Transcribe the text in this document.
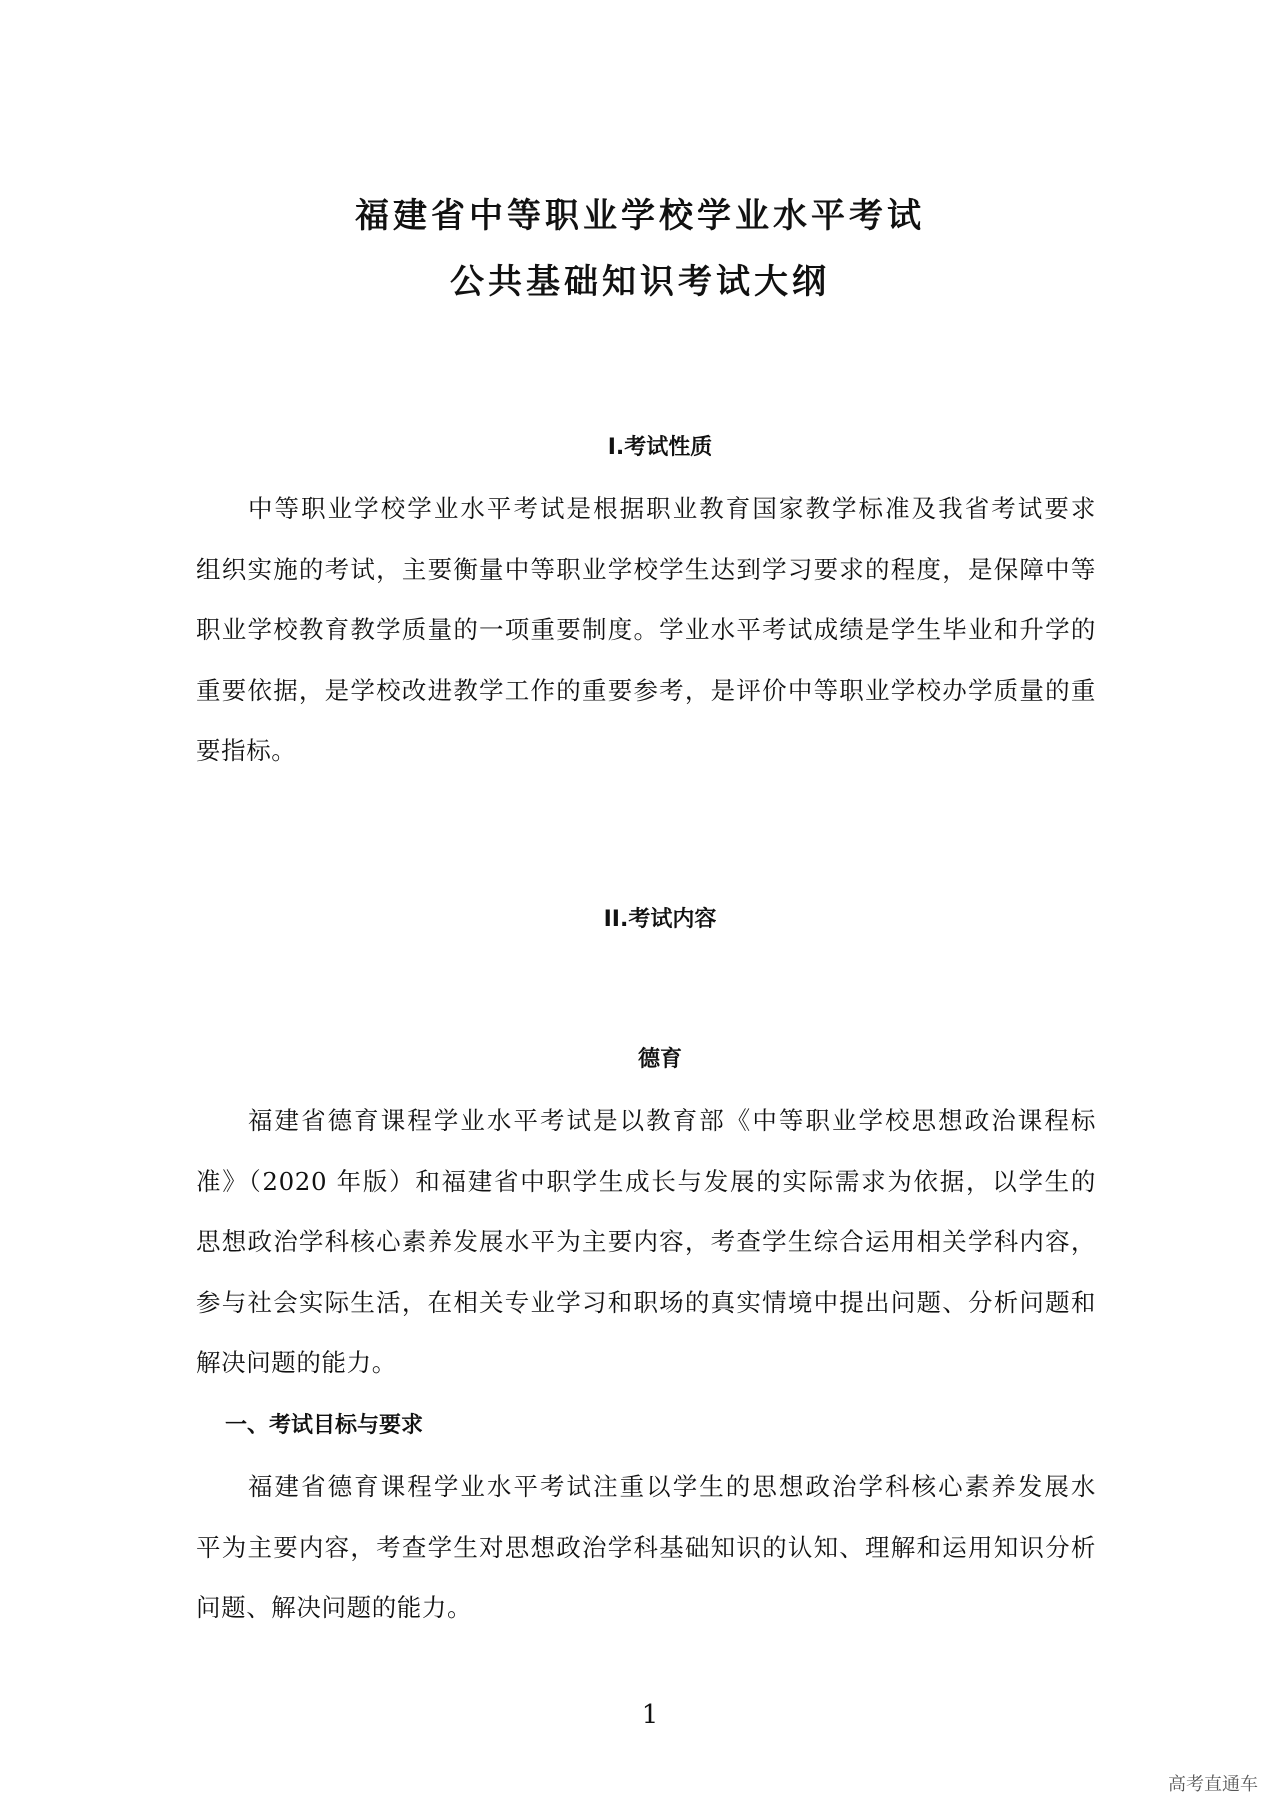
福建省中等职业学校学业水平考试
公共基础知识考试大纲
I.考试性质
中等职业学校学业水平考试是根据职业教育国家教学标准及我省考试要求
组织实施的考试，主要衡量中等职业学校学生达到学习要求的程度，是保障中等
职业学校教育教学质量的一项重要制度。学业水平考试成绩是学生毕业和升学的
重要依据，是学校改进教学工作的重要参考，是评价中等职业学校办学质量的重
要指标。
II.考试内容
德育
福建省德育课程学业水平考试是以教育部《中等职业学校思想政治课程标
准》（2020 年版）和福建省中职学生成长与发展的实际需求为依据，以学生的
思想政治学科核心素养发展水平为主要内容，考查学生综合运用相关学科内容，
参与社会实际生活，在相关专业学习和职场的真实情境中提出问题、分析问题和
解决问题的能力。
一、考试目标与要求
福建省德育课程学业水平考试注重以学生的思想政治学科核心素养发展水
平为主要内容，考查学生对思想政治学科基础知识的认知、理解和运用知识分析
问题、解决问题的能力。
1
高考直通车
